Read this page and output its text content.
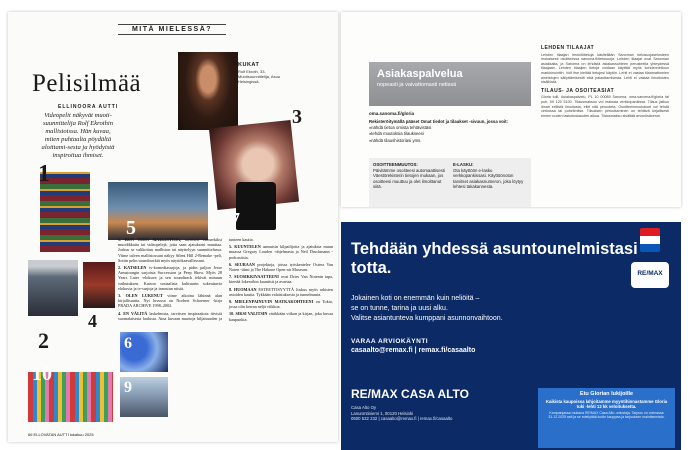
MITÄ MIELESSÄ?
Pelisilmää
ELLINOORA AUTTI
Videopelit näkyvät muoti-suunnittelija Rolf Ekrothin mallistoissa. Hän kuvaa, miten puhtaalta pöydältä aloittami-sesta ja hyödyistä inspiroitua ihmiset.
KUKAT
Rolf Ekroth, 33, Muotisuunnittelija, Asuu Helsingissä.
1
5
3
7
2
4
10
6
9

1. KUN TEEN MALLISTOJA, tarvitsen esimerkiksi muodikkaita tai videopelejä, jotta saan ajatukseni muuttaa. Joskus se valikoituu malliston tai näyttelyyn suunnittelussa. Viime talven mallistossani näkyy Silent Hill 2-Remake -peli, Soitin pelin soundtrackiä myös näyttökaavallessani.

2. KATSELEN tv-komediasarjoja, ja pidin paljon Jesse Armstrongin sarjoista Succession ja Peep Show. Myös 28 Years Later -elokuva ja sen soundtrack tekivät minuun vaikutuksen. Katson sosiaalisia kulttuurin sokeuttavia elokuvia ja tv-sarjoja ja innostun niistä.

3. OLEN LUKENUT viime aikoina lähinnä alan kirjallisuutta. Nyt luvussa on Norbert Schoerner -kirja PRADA ARCHIVE 1998–2002.

4. EN VÄLITÄ laskelmista, tarvitsen inspiraatiota tiivistä suomalaisesta laulusta. Aina kuvaan muotoja hiljaisuuden ja tunteen kautta.

5. KUUNTELEN aamuisin kilpailijoita ja ajatuksia muun muassa Gregory Louden -ohjelmasta ja Neil Druckmann -podcastista.

6. SEURAAN projekteja, joissa työskentelee Ostrea Van Noten -tiimi ja The Hakone Open-air Museum.

7. SUOSIKKIVAATTEENI ovat Dries Van Notenin tapa, kiertää lokeroihin kauniisti ja avartaa.

8. HUOMAAN ESTEETTISYYTTÄ Joskus myös arkisten asioiden kautta. Tykkään valaistuksesta ja tunnelmasta.

9. MIELENPAINUVIN MATKAKOHTEENI on Tokio, jossa olin kerran neljä viikkoa.

10. SIKSI VALITSIN värikkään viikon ja kirjan, joka kuvaa kaupunkia.

66 ELLOVATAN AUTTI lokakuu 2025
Asiakaspalvelua
nopeasti ja vaivattomasti netissä
oma.sanoma.fi/gloria
Rekisteröitymällä pääset Omat tiedot ja tilaukset -sivuun, jossa voit:
■ nähdä tietoa omista tehtävistäsi
■ tehdä muutoksia tilaukseesi
■ nähdä tilaushistoriasi yms.
OSOITTEENMUUTOS:
Päivitämme osoitteesi automaattisesti Väestörekisterin tietojen mukaan, jos osoitteesi muuttuu ja olet ilmoittanut siitä.
E-LASKU:
Ota käyttöön e-lasku verkkopankissasi. Käyttöönoton tarvitset asiakasnumeron, joka löytyy lehtesi takakannesta.
LEHDEN TILAAJAT
Lehden tilaajan henkilötietoja käsitellään Sanoman tietosuojaselosteen mukaisesti osoitteessa sanoma.fi/tietosuoja. Lehden tilaajat ovat Sanoman asiakkaita, ja Sanoma on lehdistä asiakassuhteen perusteella yhteydessä tilaajaan. Lehden tilaajien tietoja voidaan käyttää myös kohdennettuun markkinointiin. Voit itse kieltää tietojesi käytön. Lehti ei vastaa tilaamattomien aineistojen säilyttämisestä eikä palauttamisesta. Lehti ei vastaa ilmoitusten sisällöstä.
TILAUS- JA OSOITEASIAT
Gloria tulli, Asiakaspalvelu, PL 10 00089 Sanoma, oma.sanoma.fi/gloria tai puh. 09 120 5100. Tilausmaksun voi maksaa verkkopankissa. Tilaus jatkuu ilman erillistä ilmoitusta, ellei sitä peruuteta. Osoitteenmuutokset voi tehdä verkossa tai puhelimitse. Tilauksen peruuttaminen on tehtävä kirjallisesti ennen uuden laskutuskauden alkua. Tilausmaksu sisältää arvonlisäveron.
Tehdään yhdessä asuntounelmistasi totta.	RE/MAX
Jokainen koti on enemmän kuin neliöitä –
se on tunne, tarina ja uusi alku.
Valitse asiantunteva kumppani asunnonvaihtoon.
VARAA ARVIOKÄYNTI
casaalto@remax.fi | remax.fi/casaalto
RE/MAX CASA ALTO
Casa Alto Oy
Lanunmtiniemi 1, 00120 Helsinki
0500 532 232 | casaalto@remax.fi | remax.fi/casaalto
Etu Glorian lukijoille
Kaikista kaupoissa lahjoitamme myyntihinnastamme Gloria tuki -lehti 12 kk veloituksetta.
Kampanjassa mukana RE/MAX Casa Alto -edustaja. Tarjous on voimassa 31.12.2025 asti ja se edellyttää kodin kauppaa ja tarjouksen mainitsemista.
